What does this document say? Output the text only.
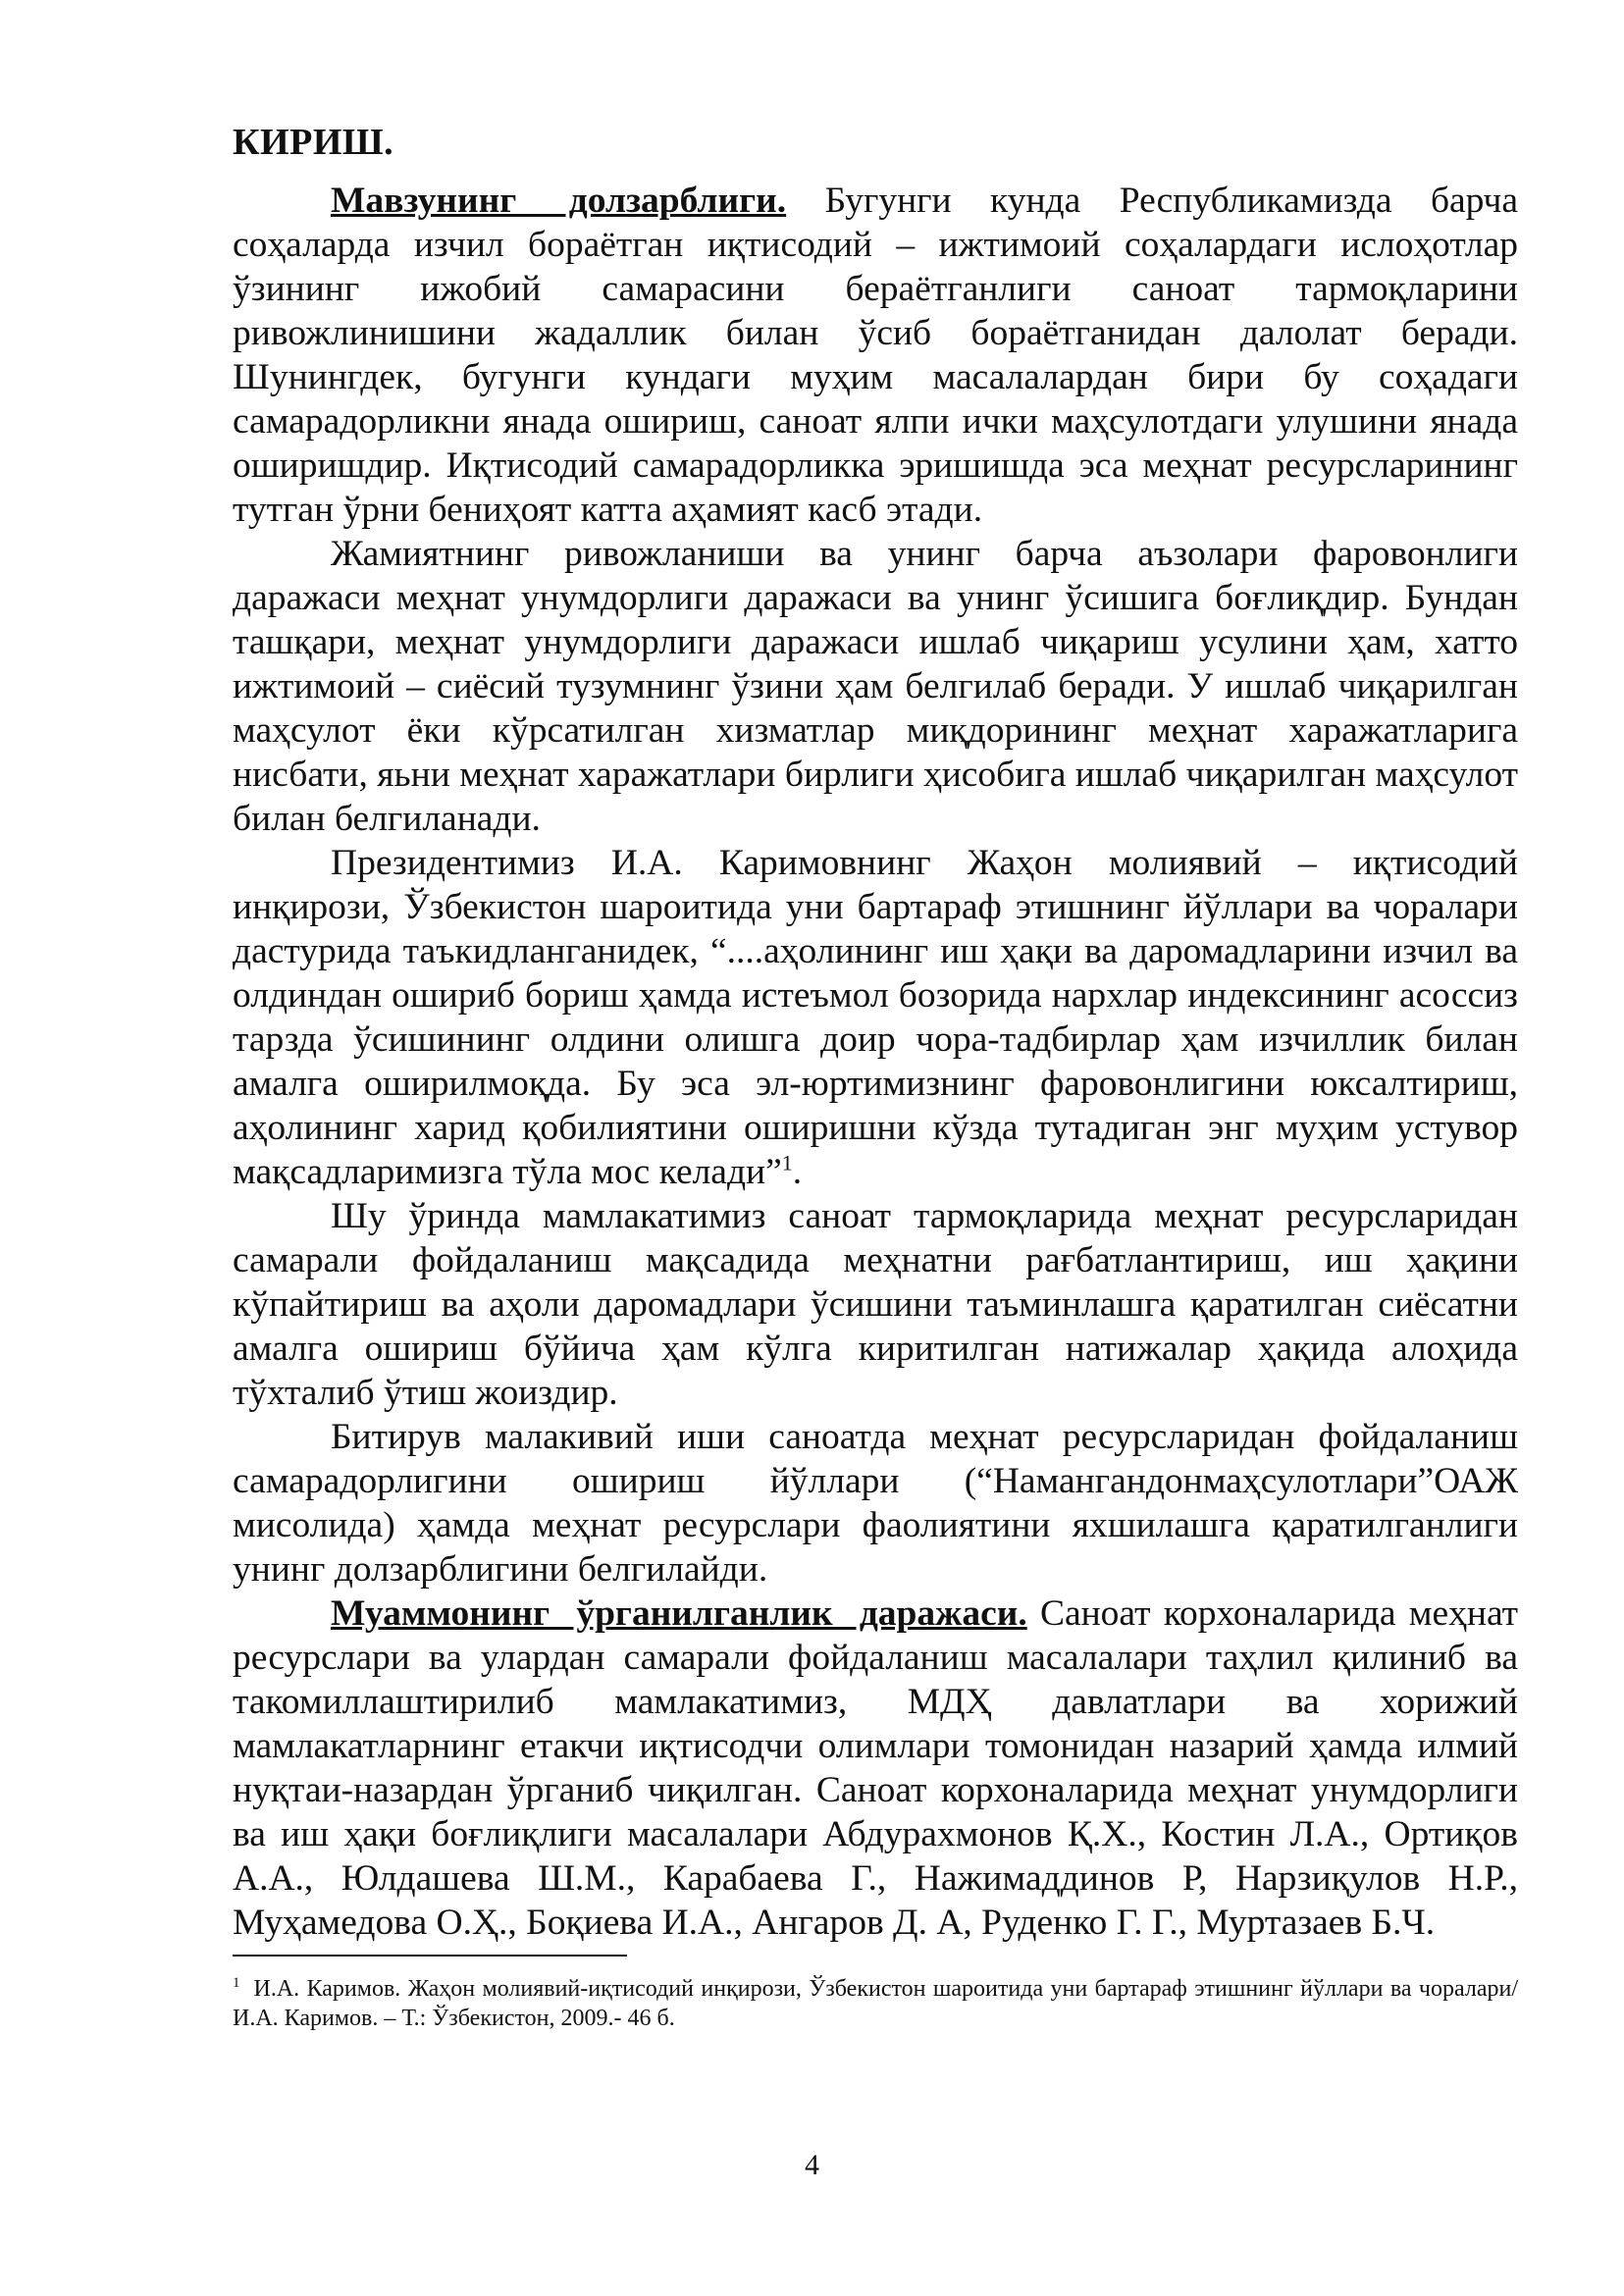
КИРИШ.

Мавзунинг долзарблиги. Бугунги кунда Республикамизда барча соҳаларда изчил бораётган иқтисодий – ижтимоий соҳалардаги ислоҳотлар ўзининг ижобий самарасини бераётганлиги саноат тармоқларини ривожлинишини жадаллик билан ўсиб бораётганидан далолат беради. Шунингдек, бугунги кундаги муҳим масалалардан бири бу соҳадаги самарадорликни янада ошириш, саноат ялпи ички маҳсулотдаги улушини янада оширишдир. Иқтисодий самарадорликка эришишда эса меҳнат ресурсларининг тутган ўрни бениҳоят катта аҳамият касб этади.

Жамиятнинг ривожланиши ва унинг барча аъзолари фаровонлиги даражаси меҳнат унумдорлиги даражаси ва унинг ўсишига боғлиқдир. Бундан ташқари, меҳнат унумдорлиги даражаси ишлаб чиқариш усулини ҳам, хатто ижтимоий – сиёсий тузумнинг ўзини ҳам белгилаб беради. У ишлаб чиқарилган маҳсулот ёки кўрсатилган хизматлар миқдорининг меҳнат харажатларига нисбати, яьни меҳнат харажатлари бирлиги ҳисобига ишлаб чиқарилган маҳсулот билан белгиланади.

Президентимиз И.А. Каримовнинг Жаҳон молиявий – иқтисодий инқирози, Ўзбекистон шароитида уни бартараф этишнинг йўллари ва чоралари дастурида таъкидланганидек, “....аҳолининг иш ҳақи ва даромадларини изчил ва олдиндан ошириб бориш ҳамда истеъмол бозорида нархлар индексининг асоссиз тарзда ўсишининг олдини олишга доир чора-тадбирлар ҳам изчиллик билан амалга оширилмоқда. Бу эса эл-юртимизнинг фаровонлигини юксалтириш, аҳолининг харид қобилиятини оширишни кўзда тутадиган энг муҳим устувор мақсадларимизга тўла мос келади”$^1$.

Шу ўринда мамлакатимиз саноат тармоқларида меҳнат ресурсларидан самарали фойдаланиш мақсадида меҳнатни рағбатлантириш, иш ҳақини кўпайтириш ва аҳоли даромадлари ўсишини таъминлашга қаратилган сиёсатни амалга ошириш бўйича ҳам кўлга киритилган натижалар ҳақида алоҳида тўхталиб ўтиш жоиздир.

Битирув малакивий иши саноатда меҳнат ресурсларидан фойдаланиш самарадорлигини ошириш йўллари (“Намангандонмаҳсулотлари”ОАЖ мисолида) ҳамда меҳнат ресурслари фаолиятини яхшилашга қаратилганлиги унинг долзарблигини белгилайди.

Муаммонинг ўрганилганлик даражаси. Саноат корхоналарида меҳнат ресурслари ва улардан самарали фойдаланиш масалалари таҳлил қилиниб ва такомиллаштирилиб мамлакатимиз, МДҲ давлатлари ва хорижий мамлакатларнинг етакчи иқтисодчи олимлари томонидан назарий ҳамда илмий нуқтаи-назардан ўрганиб чиқилган. Саноат корхоналарида меҳнат унумдорлиги ва иш ҳақи боғлиқлиги масалалари Абдурахмонов Қ.Х., Костин Л.А., Ортиқов А.А., Юлдашева Ш.М., Карабаева Г., Нажимаддинов Р, Нарзиқулов Н.Р., Муҳамедова О.Ҳ., Боқиева И.А., Ангаров Д. А, Руденко Г. Г., Муртазаев Б.Ч.

$^1$ И.А. Каримов. Жаҳон молиявий-иқтисодий инқирози, Ўзбекистон шароитида уни бартараф этишнинг йўллари ва чоралари/И.А. Каримов. – Т.: Ўзбекистон, 2009.- 46 б.

4
